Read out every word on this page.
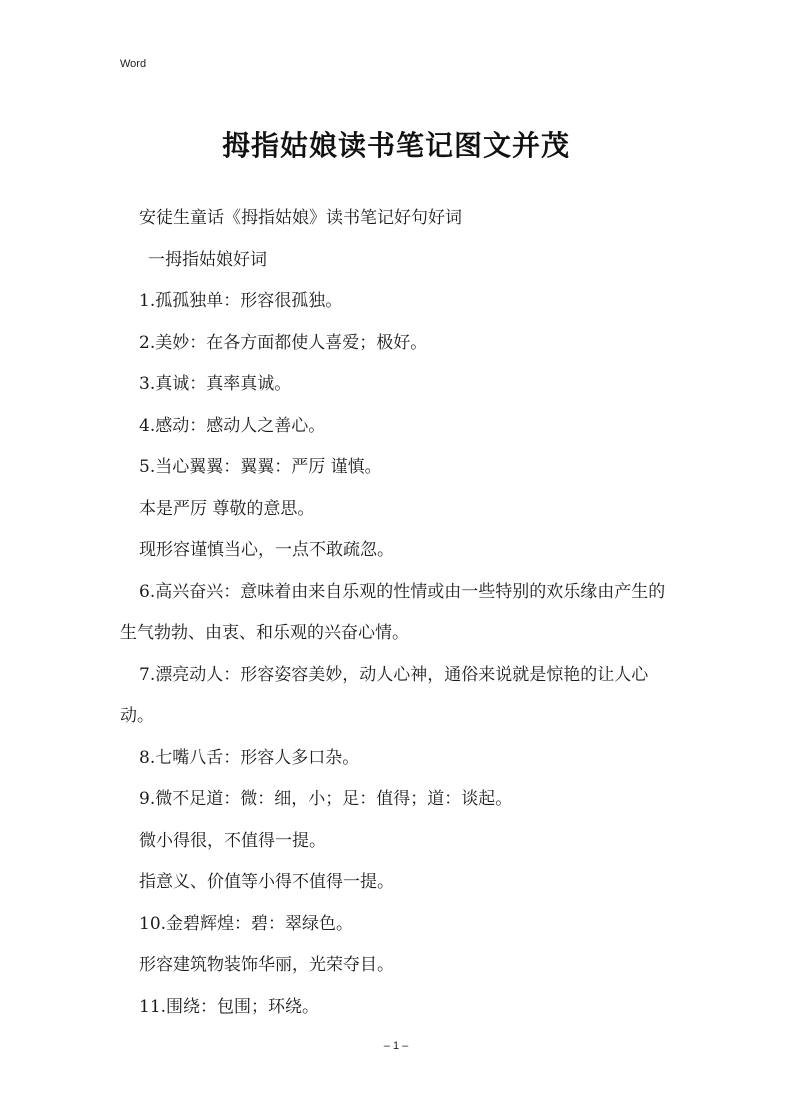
Word
拇指姑娘读书笔记图文并茂

安徒生童话《拇指姑娘》读书笔记好句好词

一拇指姑娘好词

1.孤孤独单：形容很孤独。

2.美妙：在各方面都使人喜爱；极好。

3.真诚：真率真诚。

4.感动：感动人之善心。

5.当心翼翼：翼翼：严厉 谨慎。

本是严厉 尊敬的意思。

现形容谨慎当心，一点不敢疏忽。

6.高兴奋兴：意味着由来自乐观的性情或由一些特别的欢乐缘由产生的生气勃勃、由衷、和乐观的兴奋心情。

7.漂亮动人：形容姿容美妙，动人心神，通俗来说就是惊艳的让人心动。

8.七嘴八舌：形容人多口杂。

9.微不足道：微：细，小；足：值得；道：谈起。

微小得很，不值得一提。

指意义、价值等小得不值得一提。

10.金碧辉煌：碧：翠绿色。

形容建筑物装饰华丽，光荣夺目。

11.围绕：包围；环绕。

– 1 –
